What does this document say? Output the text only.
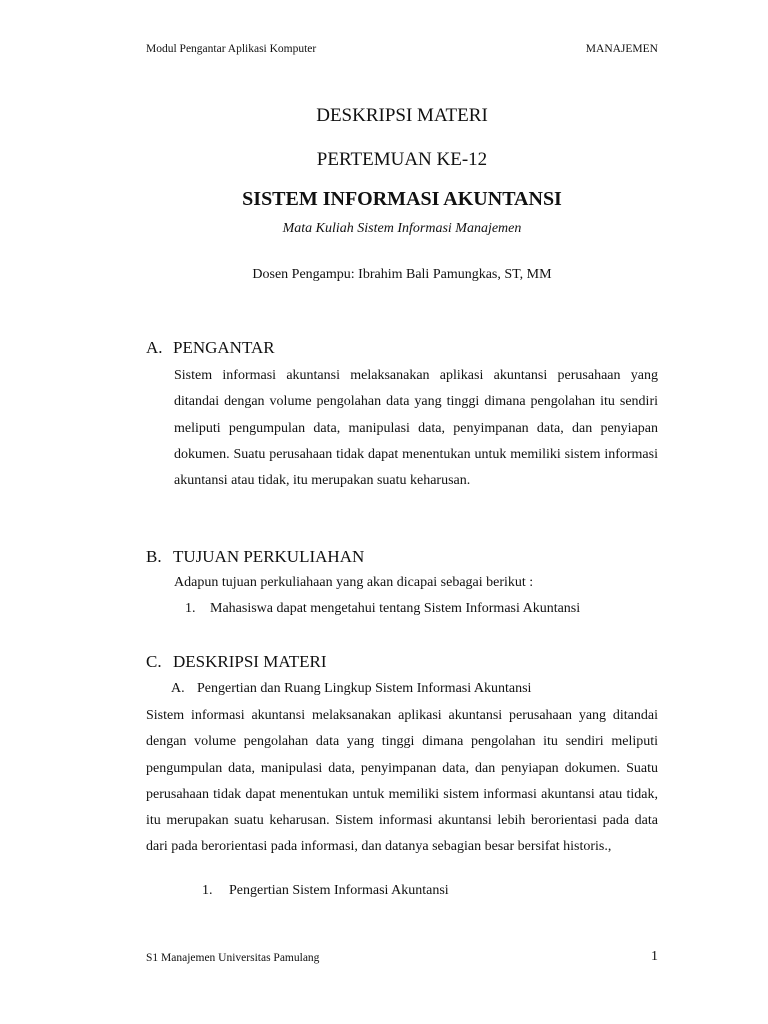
Modul Pengantar Aplikasi Komputer	MANAJEMEN
DESKRIPSI MATERI
PERTEMUAN KE-12
SISTEM INFORMASI AKUNTANSI
Mata Kuliah Sistem Informasi Manajemen
Dosen Pengampu: Ibrahim Bali Pamungkas, ST, MM
A. PENGANTAR

Sistem informasi akuntansi melaksanakan aplikasi akuntansi perusahaan yang ditandai dengan volume pengolahan data yang tinggi dimana pengolahan itu sendiri meliputi pengumpulan data, manipulasi data, penyimpanan data, dan penyiapan dokumen. Suatu perusahaan tidak dapat menentukan untuk memiliki sistem informasi akuntansi atau tidak, itu merupakan suatu keharusan.

B. TUJUAN PERKULIAHAN
Adapun tujuan perkuliahaan yang akan dicapai sebagai berikut :
1. Mahasiswa dapat mengetahui tentang Sistem Informasi Akuntansi
C. DESKRIPSI MATERI
A. Pengertian dan Ruang Lingkup Sistem Informasi Akuntansi

Sistem informasi akuntansi melaksanakan aplikasi akuntansi perusahaan yang ditandai dengan volume pengolahan data yang tinggi dimana pengolahan itu sendiri meliputi pengumpulan data, manipulasi data, penyimpanan data, dan penyiapan dokumen. Suatu perusahaan tidak dapat menentukan untuk memiliki sistem informasi akuntansi atau tidak, itu merupakan suatu keharusan. Sistem informasi akuntansi lebih berorientasi pada data dari pada berorientasi pada informasi, dan datanya sebagian besar bersifat historis.,

1. Pengertian Sistem Informasi Akuntansi
S1 Manajemen Universitas Pamulang	1
